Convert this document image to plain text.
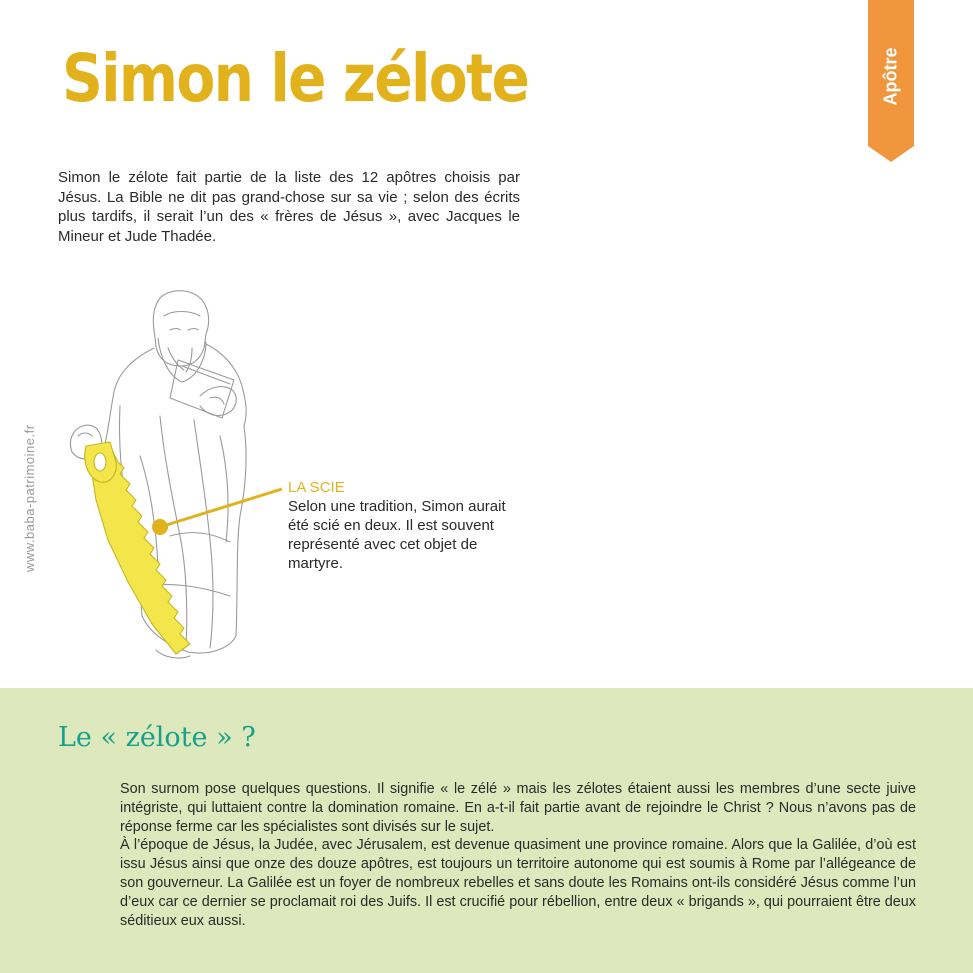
Simon le zélote	Apôtre

Simon le zélote fait partie de la liste des 12 apôtres choisis par Jésus. La Bible ne dit pas grand-chose sur sa vie ; selon des écrits plus tardifs, il serait l’un des « frères de Jésus », avec Jacques le Mineur et Jude Thadée.

www.baba-patrimoine.fr	LA SCIE
Selon une tradition, Simon aurait été scié en deux. Il est souvent représenté avec cet objet de martyre.
Le « zélote » ?

Son surnom pose quelques questions. Il signifie « le zélé » mais les zélotes étaient aussi les membres d’une secte juive intégriste, qui luttaient contre la domination romaine. En a-t-il fait partie avant de rejoindre le Christ ? Nous n’avons pas de réponse ferme car les spécialistes sont divisés sur le sujet.

À l’époque de Jésus, la Judée, avec Jérusalem, est devenue quasiment une province romaine. Alors que la Galilée, d’où est issu Jésus ainsi que onze des douze apôtres, est toujours un territoire autonome qui est soumis à Rome par l’allégeance de son gouverneur. La Galilée est un foyer de nombreux rebelles et sans doute les Romains ont-ils considéré Jésus comme l’un d’eux car ce dernier se proclamait roi des Juifs. Il est crucifié pour rébellion, entre deux « brigands », qui pourraient être deux séditieux eux aussi.
